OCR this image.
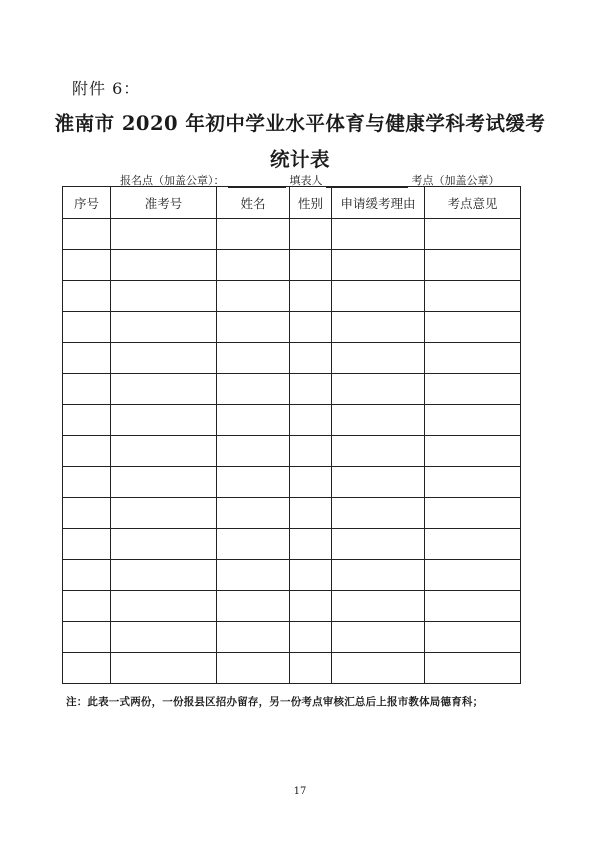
附件 6：
淮南市 2020 年初中学业水平体育与健康学科考试缓考
统计表
报名点（加盖公章）：	填表人	考点（加盖公章）
序号	准考号	姓名	性别	申请缓考理由	考点意见

注：此表一式两份，一份报县区招办留存，另一份考点审核汇总后上报市教体局德育科；
17
